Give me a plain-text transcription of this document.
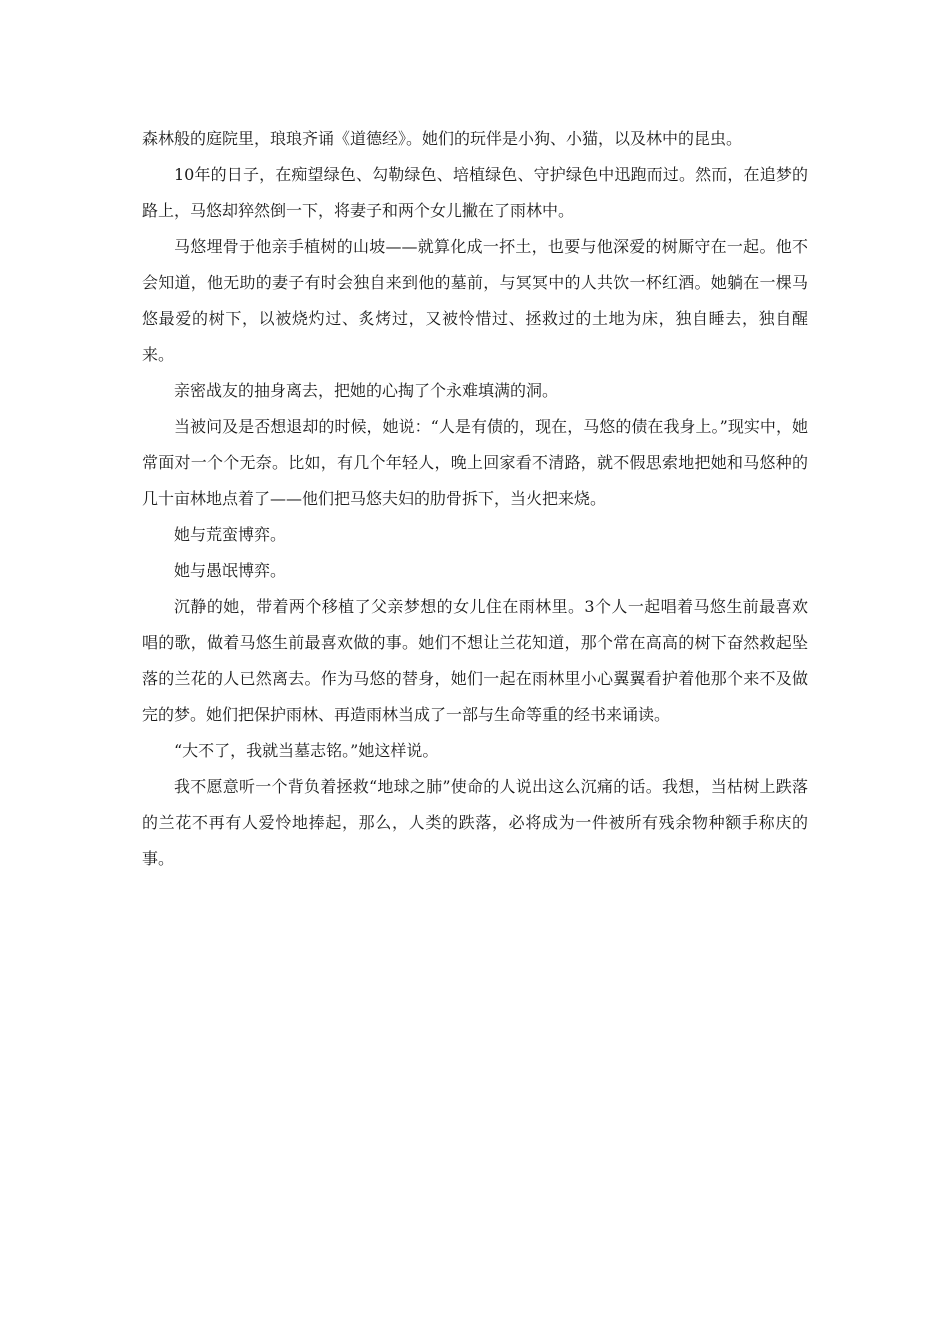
森林般的庭院里，琅琅齐诵《道德经》。她们的玩伴是小狗、小猫，以及林中的昆虫。

10年的日子，在痴望绿色、勾勒绿色、培植绿色、守护绿色中迅跑而过。然而，在追梦的路上，马悠却猝然倒一下，将妻子和两个女儿撇在了雨林中。

马悠埋骨于他亲手植树的山坡——就算化成一抔土，也要与他深爱的树厮守在一起。他不会知道，他无助的妻子有时会独自来到他的墓前，与冥冥中的人共饮一杯红酒。她躺在一棵马悠最爱的树下，以被烧灼过、炙烤过，又被怜惜过、拯救过的土地为床，独自睡去，独自醒来。

亲密战友的抽身离去，把她的心掏了个永难填满的洞。

当被问及是否想退却的时候，她说：“人是有债的，现在，马悠的债在我身上。”现实中，她常面对一个个无奈。比如，有几个年轻人，晚上回家看不清路，就不假思索地把她和马悠种的几十亩林地点着了——他们把马悠夫妇的肋骨拆下，当火把来烧。

她与荒蛮博弈。

她与愚氓博弈。

沉静的她，带着两个移植了父亲梦想的女儿住在雨林里。3个人一起唱着马悠生前最喜欢唱的歌，做着马悠生前最喜欢做的事。她们不想让兰花知道，那个常在高高的树下奋然救起坠落的兰花的人已然离去。作为马悠的替身，她们一起在雨林里小心翼翼看护着他那个来不及做完的梦。她们把保护雨林、再造雨林当成了一部与生命等重的经书来诵读。

“大不了，我就当墓志铭。”她这样说。

我不愿意听一个背负着拯救“地球之肺”使命的人说出这么沉痛的话。我想，当枯树上跌落的兰花不再有人爱怜地捧起，那么，人类的跌落，必将成为一件被所有残余物种额手称庆的事。
